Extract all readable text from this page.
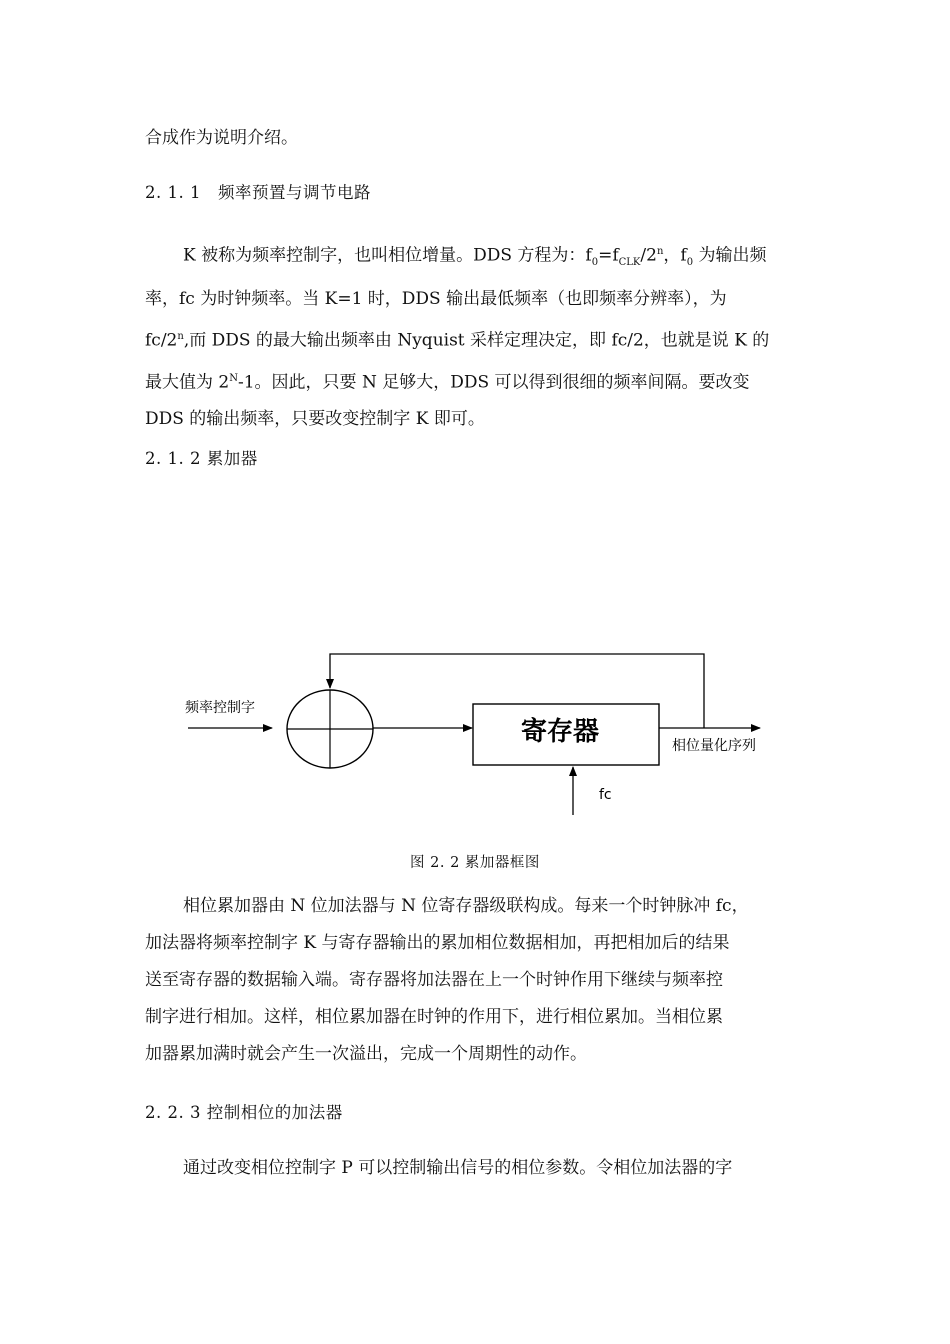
合成作为说明介绍。
2. 1. 1　频率预置与调节电路
K 被称为频率控制字，也叫相位增量。DDS 方程为：$f_0=f_{CLK}/2^n$，$f_0$ 为输出频
率，fc 为时钟频率。当 K=1 时，DDS 输出最低频率（也即频率分辨率），为
fc/2$^n$,而 DDS 的最大输出频率由 Nyquist 采样定理决定，即 fc/2，也就是说 K 的
最大值为 $2^N-1$。因此，只要 N 足够大，DDS 可以得到很细的频率间隔。要改变
DDS 的输出频率，只要改变控制字 K 即可。
2. 1. 2 累加器
频率控制字
寄存器	相位量化序列
fc
图 2. 2 累加器框图
相位累加器由 N 位加法器与 N 位寄存器级联构成。每来一个时钟脉冲 fc，
加法器将频率控制字 K 与寄存器输出的累加相位数据相加，再把相加后的结果
送至寄存器的数据输入端。寄存器将加法器在上一个时钟作用下继续与频率控
制字进行相加。这样，相位累加器在时钟的作用下，进行相位累加。当相位累
加器累加满时就会产生一次溢出，完成一个周期性的动作。
2. 2. 3 控制相位的加法器
通过改变相位控制字 P 可以控制输出信号的相位参数。令相位加法器的字
